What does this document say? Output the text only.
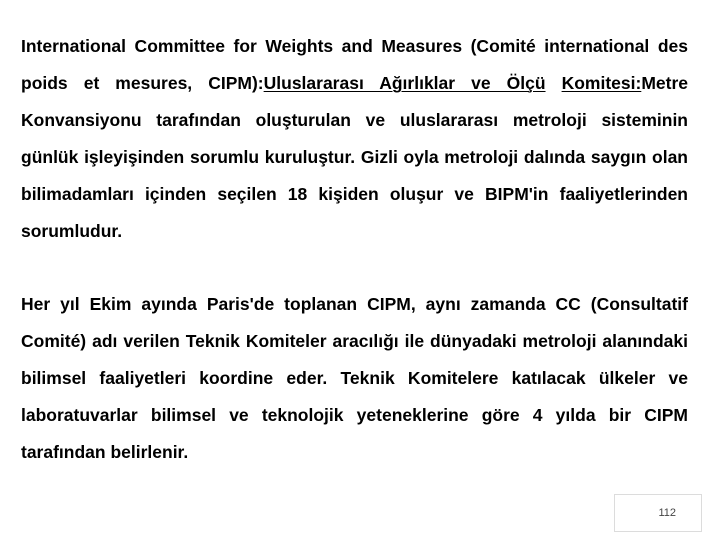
International Committee for Weights and Measures (Comité international des poids et mesures, CIPM):Uluslararası Ağırlıklar ve Ölçü Komitesi:Metre Konvansiyonu tarafından oluşturulan ve uluslararası metroloji sisteminin günlük işleyişinden sorumlu kuruluştur. Gizli oyla metroloji dalında saygın olan bilimadamları içinden seçilen 18 kişiden oluşur ve BIPM'in faaliyetlerinden sorumludur.

Her yıl Ekim ayında Paris'de toplanan CIPM, aynı zamanda CC (Consultatif Comité) adı verilen Teknik Komiteler aracılığı ile dünyadaki metroloji alanındaki bilimsel faaliyetleri koordine eder. Teknik Komitelere katılacak ülkeler ve laboratuvarlar bilimsel ve teknolojik yeteneklerine göre 4 yılda bir CIPM tarafından belirlenir.

112
